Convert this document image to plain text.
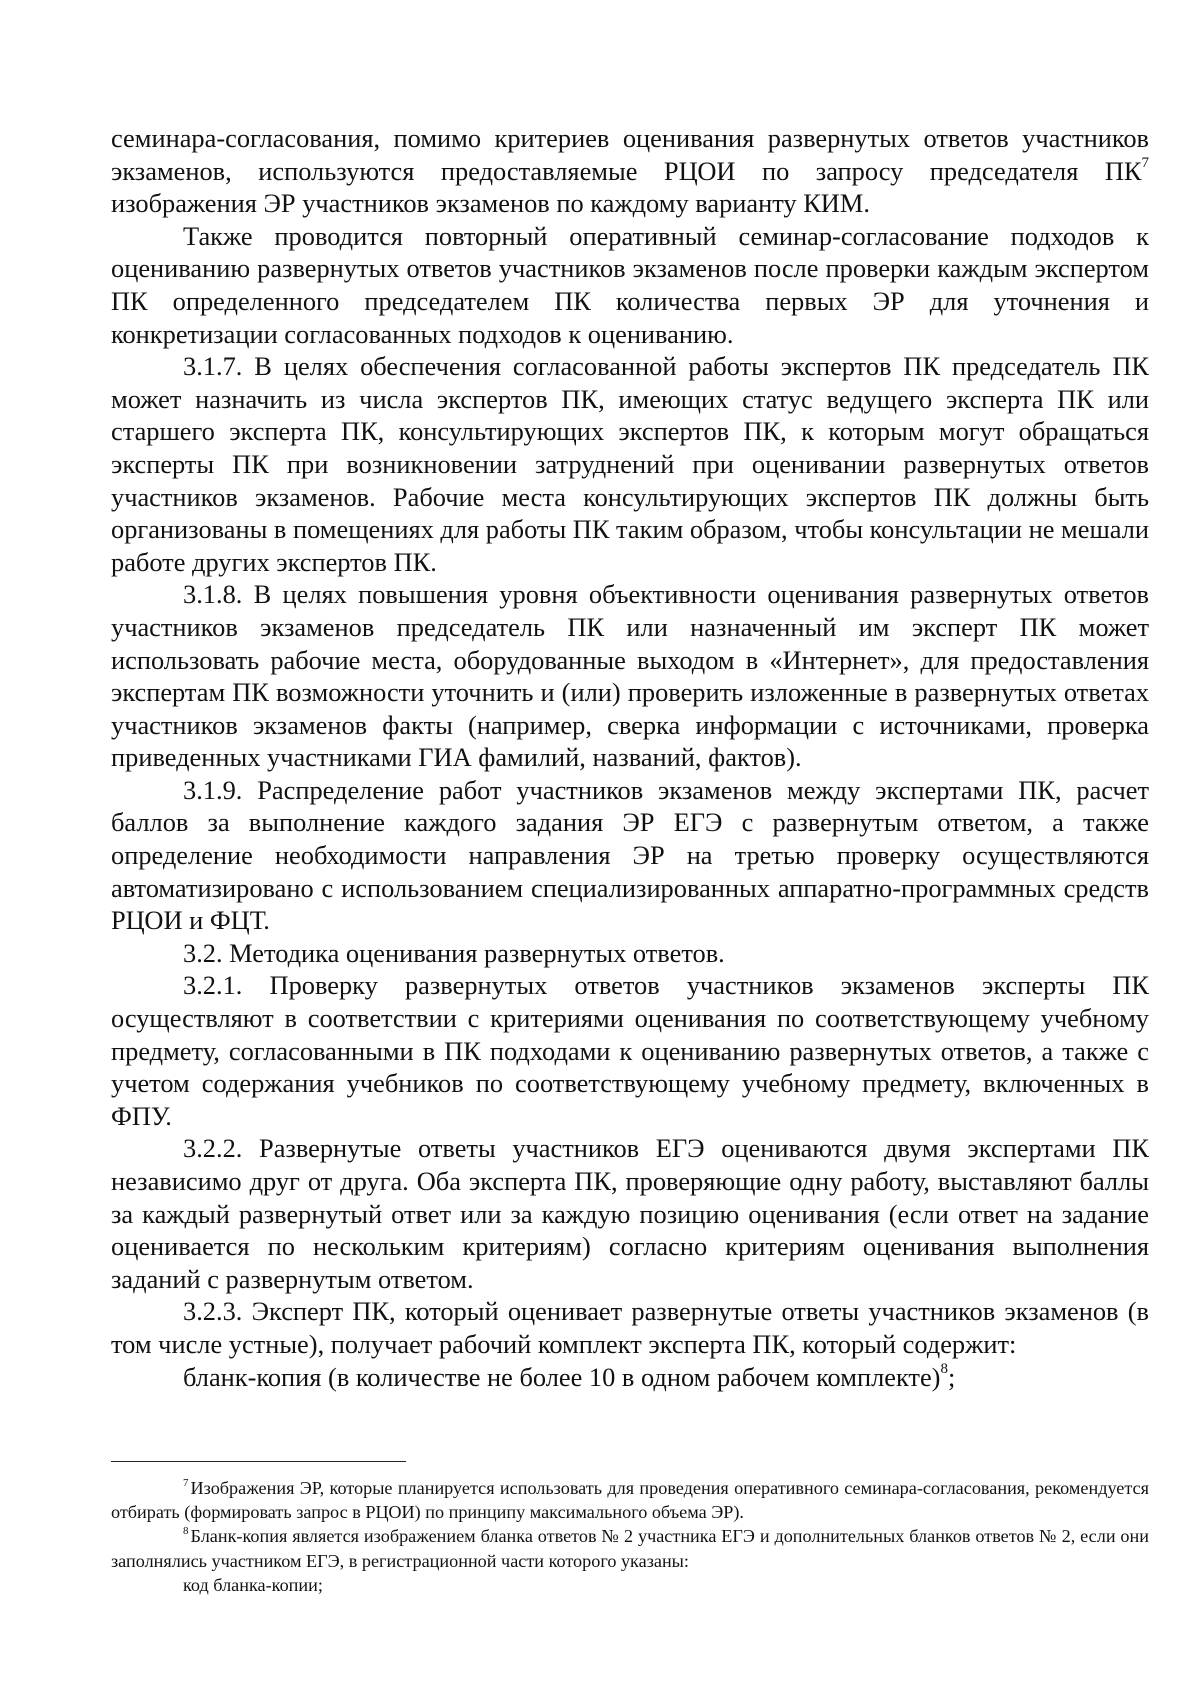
семинара-согласования, помимо критериев оценивания развернутых ответов участников экзаменов, используются предоставляемые РЦОИ по запросу председателя $ПК^7$ изображения ЭР участников экзаменов по каждому варианту КИМ.

Также проводится повторный оперативный семинар-согласование подходов к оцениванию развернутых ответов участников экзаменов после проверки каждым экспертом ПК определенного председателем ПК количества первых ЭР для уточнения и конкретизации согласованных подходов к оцениванию.

3.1.7. В целях обеспечения согласованной работы экспертов ПК председатель ПК может назначить из числа экспертов ПК, имеющих статус ведущего эксперта ПК или старшего эксперта ПК, консультирующих экспертов ПК, к которым могут обращаться эксперты ПК при возникновении затруднений при оценивании развернутых ответов участников экзаменов. Рабочие места консультирующих экспертов ПК должны быть организованы в помещениях для работы ПК таким образом, чтобы консультации не мешали работе других экспертов ПК.

3.1.8. В целях повышения уровня объективности оценивания развернутых ответов участников экзаменов председатель ПК или назначенный им эксперт ПК может использовать рабочие места, оборудованные выходом в «Интернет», для предоставления экспертам ПК возможности уточнить и (или) проверить изложенные в развернутых ответах участников экзаменов факты (например, сверка информации с источниками, проверка приведенных участниками ГИА фамилий, названий, фактов).

3.1.9. Распределение работ участников экзаменов между экспертами ПК, расчет баллов за выполнение каждого задания ЭР ЕГЭ с развернутым ответом, а также определение необходимости направления ЭР на третью проверку осуществляются автоматизировано с использованием специализированных аппаратно-программных средств РЦОИ и ФЦТ.

3.2. Методика оценивания развернутых ответов.

3.2.1. Проверку развернутых ответов участников экзаменов эксперты ПК осуществляют в соответствии с критериями оценивания по соответствующему учебному предмету, согласованными в ПК подходами к оцениванию развернутых ответов, а также с учетом содержания учебников по соответствующему учебному предмету, включенных в ФПУ.

3.2.2. Развернутые ответы участников ЕГЭ оцениваются двумя экспертами ПК независимо друг от друга. Оба эксперта ПК, проверяющие одну работу, выставляют баллы за каждый развернутый ответ или за каждую позицию оценивания (если ответ на задание оценивается по нескольким критериям) согласно критериям оценивания выполнения заданий с развернутым ответом.

3.2.3. Эксперт ПК, который оценивает развернутые ответы участников экзаменов (в том числе устные), получает рабочий комплект эксперта ПК, который содержит:

бланк-копия (в количестве не более 10 в одном рабочем комплекте)$^8$;

$^7$ Изображения ЭР, которые планируется использовать для проведения оперативного семинара-согласования, рекомендуется отбирать (формировать запрос в РЦОИ) по принципу максимального объема ЭР).

$^8$ Бланк-копия является изображением бланка ответов № 2 участника ЕГЭ и дополнительных бланков ответов № 2, если они заполнялись участником ЕГЭ, в регистрационной части которого указаны:

код бланка-копии;
